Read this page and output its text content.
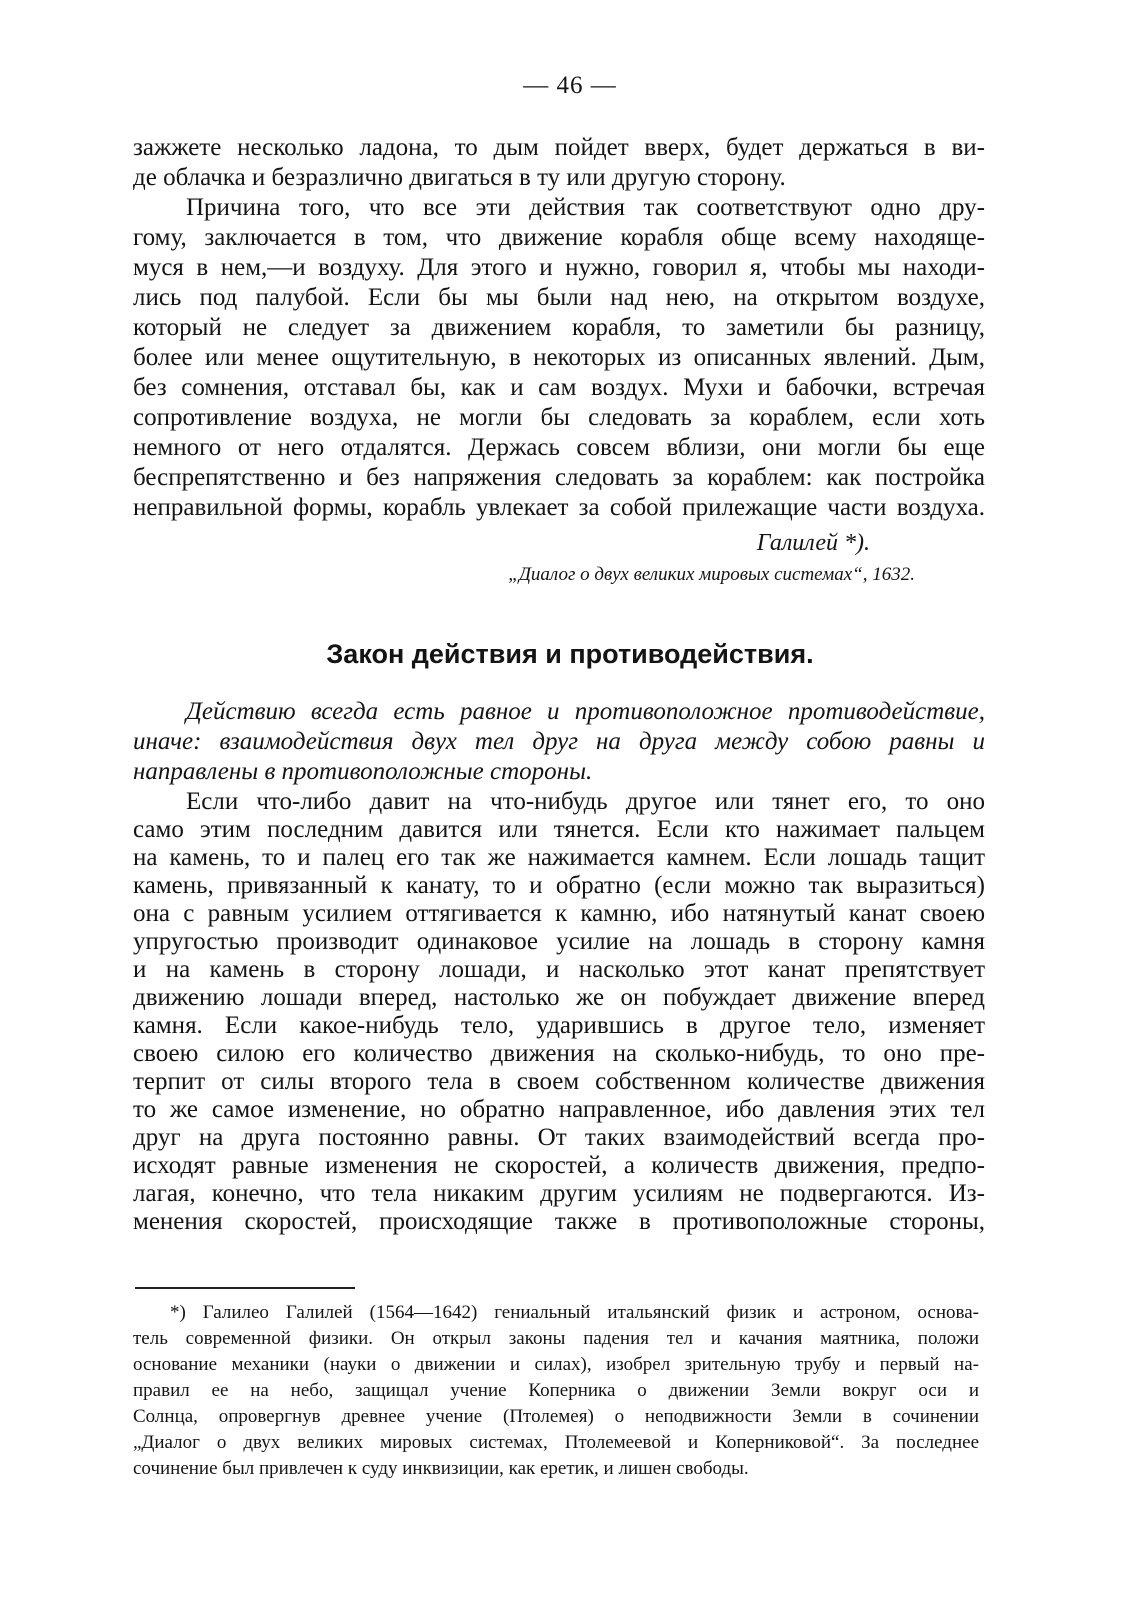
— 46 —
зажжете несколько ладона, то дым пойдет вверх, будет держаться в ви-
де облачка и безразлично двигаться в ту или другую сторону.
Причина того, что все эти действия так соответствуют одно дру-
гому, заключается в том, что движение корабля обще всему находяще-
муся в нем,—и воздуху. Для этого и нужно, говорил я, чтобы мы находи-
лись под палубой. Если бы мы были над нею, на открытом воздухе,
который не следует за движением корабля, то заметили бы разницу,
более или менее ощутительную, в некоторых из описанных явлений. Дым,
без сомнения, отставал бы, как и сам воздух. Мухи и бабочки, встречая
сопротивление воздуха, не могли бы следовать за кораблем, если хоть
немного от него отдалятся. Держась совсем вблизи, они могли бы еще
беспрепятственно и без напряжения следовать за кораблем: как постройка
неправильной формы, корабль увлекает за собой прилежащие части воздуха.
Галилей *).
„Диалог о двух великих мировых системах“, 1632.
Закон действия и противодействия.
Действию всегда есть равное и противоположное противодействие,
иначе: взаимодействия двух тел друг на друга между собою равны и
направлены в противоположные стороны.
Если что-либо давит на что-нибудь другое или тянет его, то оно
само этим последним давится или тянется. Если кто нажимает пальцем
на камень, то и палец его так же нажимается камнем. Если лошадь тащит
камень, привязанный к канату, то и обратно (если можно так выразиться)
она с равным усилием оттягивается к камню, ибо натянутый канат своею
упругостью производит одинаковое усилие на лошадь в сторону камня
и на камень в сторону лошади, и насколько этот канат препятствует
движению лошади вперед, настолько же он побуждает движение вперед
камня. Если какое-нибудь тело, ударившись в другое тело, изменяет
своею силою его количество движения на сколько-нибудь, то оно пре-
терпит от силы второго тела в своем собственном количестве движения
то же самое изменение, но обратно направленное, ибо давления этих тел
друг на друга постоянно равны. От таких взаимодействий всегда про-
исходят равные изменения не скоростей, а количеств движения, предпо-
лагая, конечно, что тела никаким другим усилиям не подвергаются. Из-
менения скоростей, происходящие также в противоположные стороны,
*) Галилео Галилей (1564—1642) гениальный итальянский физик и астроном, основа-
тель современной физики. Он открыл законы падения тел и качания маятника, положи
основание механики (науки о движении и силах), изобрел зрительную трубу и первый на-
правил ее на небо, защищал учение Коперника о движении Земли вокруг оси и
Солнца, опровергнув древнее учение (Птолемея) о неподвижности Земли в сочинении
„Диалог о двух великих мировых системах, Птолемеевой и Коперниковой“. За последнее
сочинение был привлечен к суду инквизиции, как еретик, и лишен свободы.
